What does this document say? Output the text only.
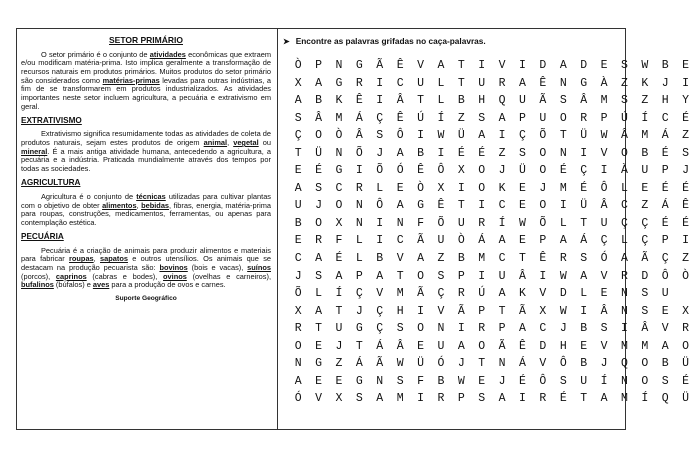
SETOR PRIMÁRIO

O setor primário é o conjunto de atividades econômicas que extraem e/ou modificam matéria-prima. Isto implica geralmente a transformação de recursos naturais em produtos primários. Muitos produtos do setor primário são considerados como matérias-primas levadas para outras indústrias, a fim de se transformarem em produtos industrializados. As atividades importantes neste setor incluem agricultura, a pecuária e extrativismo em geral.

EXTRATIVISMO

Extrativismo significa resumidamente todas as atividades de coleta de produtos naturais, sejam estes produtos de origem animal, vegetal ou mineral. É a mais antiga atividade humana, antecedendo a agricultura, a pecuária e a indústria. Praticada mundialmente através dos tempos por todas as sociedades.

AGRICULTURA

Agricultura é o conjunto de técnicas utilizadas para cultivar plantas com o objetivo de obter alimentos, bebidas, fibras, energia, matéria-prima para roupas, construções, medicamentos, ferramentas, ou apenas para contemplação estética.

PECUÁRIA

Pecuária é a criação de animais para produzir alimentos e materiais para fabricar roupas, sapatos e outros utensílios. Os animais que se destacam na produção pecuarista são: bovinos (bois e vacas), suínos (porcos), caprinos (cabras e bodes), ovinos (ovelhas e carneiros), bufalinos (búfalos) e aves para a produção de ovos e carnes.

Suporte Geográfico
➤ Encontre as palavras grifadas no caça-palavras.
Ò	P	N	G	Ã	Ê	V	A	T	I	V	I	D	A	D	E	S	W	B	E
X	A	G	R	I	C	U	L	T	U	R	A	Ê	N	G	À	Z	K	J	I
A	B	K	Ê	I	Â	T	L	B	H	Q	U	Ã	S	Â	M	S	Z	H	Y
S	Â	M	Á	Ç	Ê	Ú	Í	Z	S	A	P	U	O	R	P	Ú	Í	C	É
Ç	O	Ò	Â	S	Ô	I	W	Ü	A	I	Ç	Õ	T	Ü	W	Â	M	Á	Z
T	Ü	N	Õ	J	A	B	I	É	É	Z	S	O	N	I	V	O	B	É	S
E	É	G	I	Õ	Ó	Ê	Ô	X	O	J	Ü	O	É	Ç	I	À	U	P	J
A	S	C	R	L	E	Ò	X	I	O	K	E	J	M	É	Ô	L	E	É	É
U	J	O	N	Ô	A	G	Ê	T	I	C	E	O	I	Ü	Â	C	Z	Á	Ê
B	O	X	N	I	N	F	Õ	U	R	Í	W	Õ	L	T	U	Ç	Ç	É	É
E	R	F	L	I	C	Ã	U	Ò	Á	A	E	P	A	Á	Ç	L	Ç	P	I
C	A	É	L	B	V	A	Z	B	M	C	T	Ê	R	S	Ó	A	Ã	Ç	Z
J	S	A	P	A	T	O	S	P	I	U	Â	I	W	A	V	R	D	Ô	Ò
Õ	L	Í	Ç	V	M	Ã	Ç	R	Ú	A	K	V	D	L	E	N	S	U
X	A	T	J	Ç	H	I	V	Ã	P	T	Ã	X	W	I	Â	N	S	E	X
R	T	U	G	Ç	S	O	N	I	R	P	A	C	J	B	S	I	Â	V	R
O	E	J	T	Á	Â	E	U	A	O	Ã	Ê	D	H	E	V	M	M	A	O
N	G	Z	Á	Ã	W	Ü	Ó	J	T	N	Á	V	Ô	B	J	Q	O	B	Ü
A	E	E	G	N	S	F	B	W	E	J	É	Ô	S	U	Í	N	O	S	É
Ó	V	X	S	A	M	I	R	P	S	A	I	R	É	T	A	M	Í	Q	Ü
